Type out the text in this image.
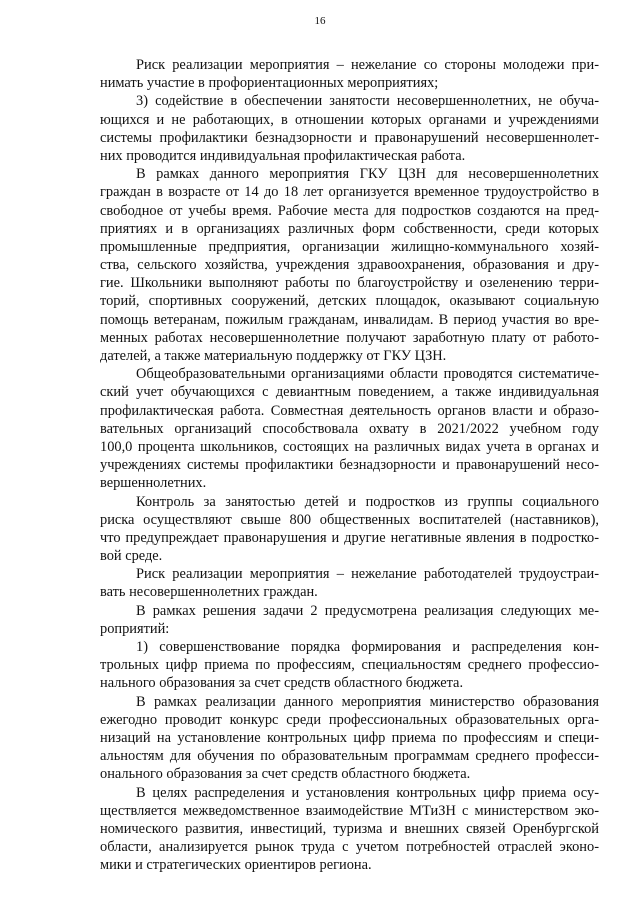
16
Риск реализации мероприятия – нежелание со стороны молодежи при-
нимать участие в профориентационных мероприятиях;
3) содействие в обеспечении занятости несовершеннолетних, не обуча-
ющихся и не работающих, в отношении которых органами и учреждениями
системы профилактики безнадзорности и правонарушений несовершеннолет-
них проводится индивидуальная профилактическая работа.
В рамках данного мероприятия ГКУ ЦЗН для несовершеннолетних
граждан в возрасте от 14 до 18 лет организуется временное трудоустройство в
свободное от учебы время. Рабочие места для подростков создаются на пред-
приятиях и в организациях различных форм собственности, среди которых
промышленные предприятия, организации жилищно-коммунального хозяй-
ства, сельского хозяйства, учреждения здравоохранения, образования и дру-
гие. Школьники выполняют работы по благоустройству и озеленению терри-
торий, спортивных сооружений, детских площадок, оказывают социальную
помощь ветеранам, пожилым гражданам, инвалидам. В период участия во вре-
менных работах несовершеннолетние получают заработную плату от работо-
дателей, а также материальную поддержку от ГКУ ЦЗН.
Общеобразовательными организациями области проводятся систематиче-
ский учет обучающихся с девиантным поведением, а также индивидуальная
профилактическая работа. Совместная деятельность органов власти и образо-
вательных организаций способствовала охвату в 2021/2022 учебном году
100,0 процента школьников, состоящих на различных видах учета в органах и
учреждениях системы профилактики безнадзорности и правонарушений несо-
вершеннолетних.
Контроль за занятостью детей и подростков из группы социального
риска осуществляют свыше 800 общественных воспитателей (наставников),
что предупреждает правонарушения и другие негативные явления в подростко-
вой среде.
Риск реализации мероприятия – нежелание работодателей трудоустраи-
вать несовершеннолетних граждан.
В рамках решения задачи 2 предусмотрена реализация следующих ме-
роприятий:
1) совершенствование порядка формирования и распределения кон-
трольных цифр приема по профессиям, специальностям среднего профессио-
нального образования за счет средств областного бюджета.
В рамках реализации данного мероприятия министерство образования
ежегодно проводит конкурс среди профессиональных образовательных орга-
низаций на установление контрольных цифр приема по профессиям и специ-
альностям для обучения по образовательным программам среднего професси-
онального образования за счет средств областного бюджета.
В целях распределения и установления контрольных цифр приема осу-
ществляется межведомственное взаимодействие МТиЗН с министерством эко-
номического развития, инвестиций, туризма и внешних связей Оренбургской
области, анализируется рынок труда с учетом потребностей отраслей эконо-
мики и стратегических ориентиров региона.
